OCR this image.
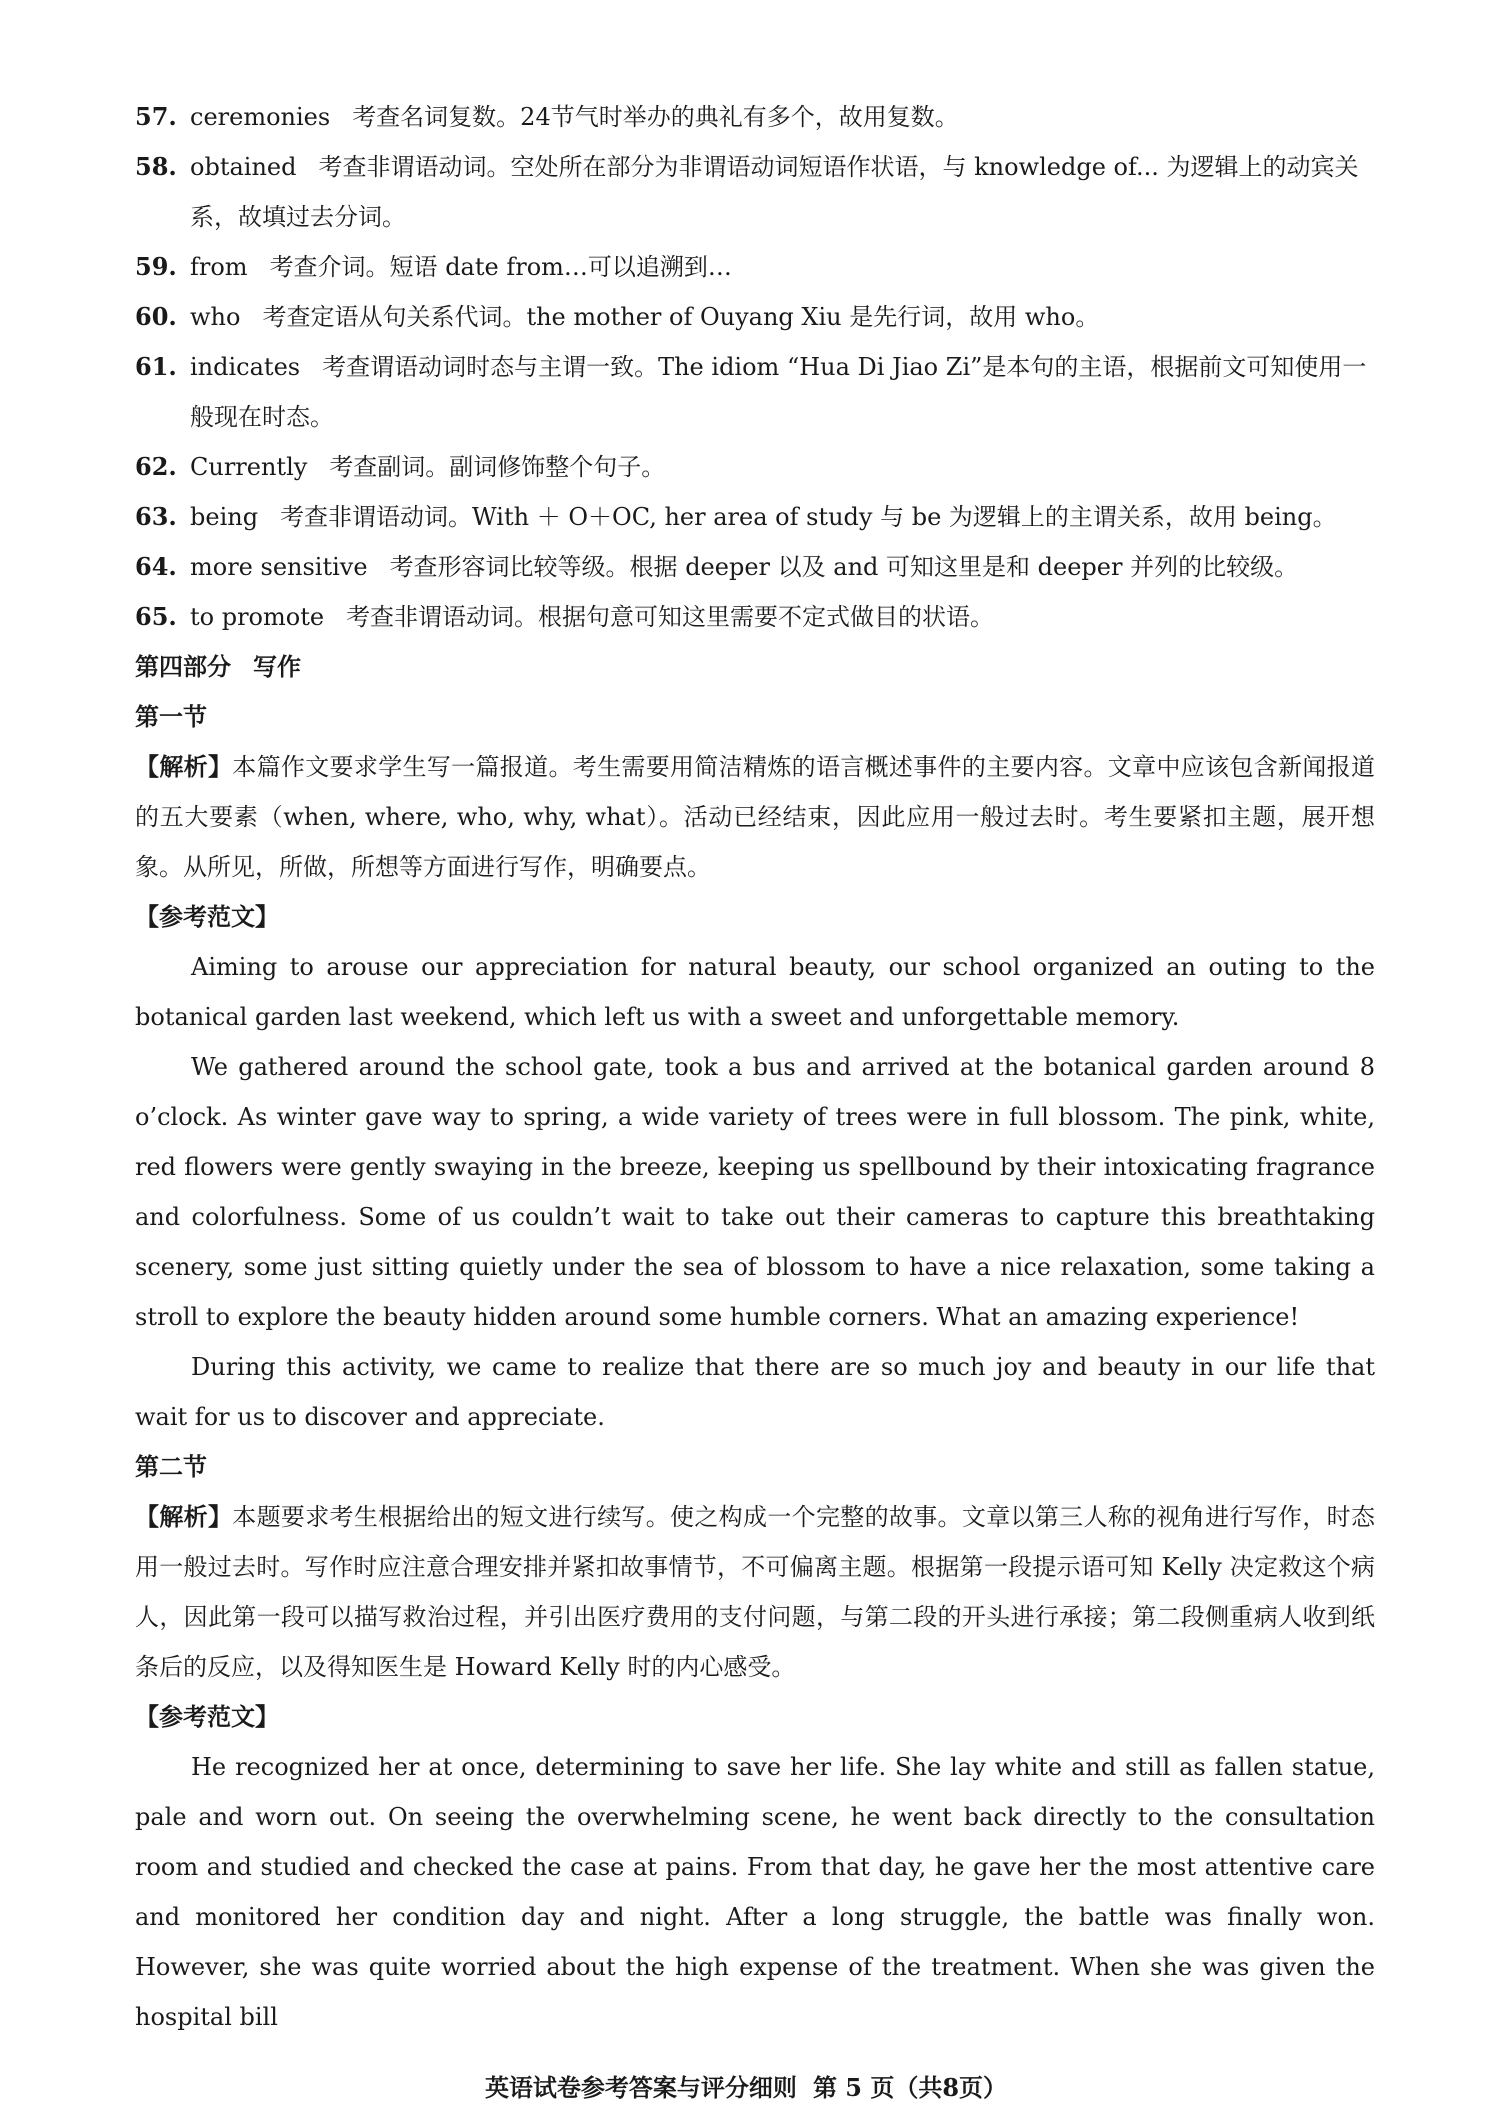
57. ceremonies 考查名词复数。24节气时举办的典礼有多个，故用复数。
58. obtained 考查非谓语动词。空处所在部分为非谓语动词短语作状语，与 knowledge of... 为逻辑上的动宾关系，故填过去分词。
59. from 考查介词。短语 date from…可以追溯到…
60. who 考查定语从句关系代词。the mother of Ouyang Xiu 是先行词，故用 who。
61. indicates 考查谓语动词时态与主谓一致。The idiom “Hua Di Jiao Zi”是本句的主语，根据前文可知使用一般现在时态。
62. Currently 考查副词。副词修饰整个句子。
63. being 考查非谓语动词。With ＋ O＋OC, her area of study 与 be 为逻辑上的主谓关系，故用 being。
64. more sensitive 考查形容词比较等级。根据 deeper 以及 and 可知这里是和 deeper 并列的比较级。
65. to promote 考查非谓语动词。根据句意可知这里需要不定式做目的状语。
第四部分 写作
第一节
【解析】本篇作文要求学生写一篇报道。考生需要用简洁精炼的语言概述事件的主要内容。文章中应该包含新闻报道的五大要素（when, where, who, why, what）。活动已经结束，因此应用一般过去时。考生要紧扣主题，展开想象。从所见，所做，所想等方面进行写作，明确要点。
【参考范文】
Aiming to arouse our appreciation for natural beauty, our school organized an outing to the botanical garden last weekend, which left us with a sweet and unforgettable memory.
We gathered around the school gate, took a bus and arrived at the botanical garden around 8 o’clock. As winter gave way to spring, a wide variety of trees were in full blossom. The pink, white, red flowers were gently swaying in the breeze, keeping us spellbound by their intoxicating fragrance and colorfulness. Some of us couldn’t wait to take out their cameras to capture this breathtaking scenery, some just sitting quietly under the sea of blossom to have a nice relaxation, some taking a stroll to explore the beauty hidden around some humble corners. What an amazing experience!
During this activity, we came to realize that there are so much joy and beauty in our life that wait for us to discover and appreciate.
第二节
【解析】本题要求考生根据给出的短文进行续写。使之构成一个完整的故事。文章以第三人称的视角进行写作，时态用一般过去时。写作时应注意合理安排并紧扣故事情节，不可偏离主题。根据第一段提示语可知 Kelly 决定救这个病人，因此第一段可以描写救治过程，并引出医疗费用的支付问题，与第二段的开头进行承接；第二段侧重病人收到纸条后的反应，以及得知医生是 Howard Kelly 时的内心感受。
【参考范文】
He recognized her at once, determining to save her life. She lay white and still as fallen statue, pale and worn out. On seeing the overwhelming scene, he went back directly to the consultation room and studied and checked the case at pains. From that day, he gave her the most attentive care and monitored her condition day and night. After a long struggle, the battle was finally won. However, she was quite worried about the high expense of the treatment. When she was given the hospital bill
英语试卷参考答案与评分细则 第 5 页（共8页）
